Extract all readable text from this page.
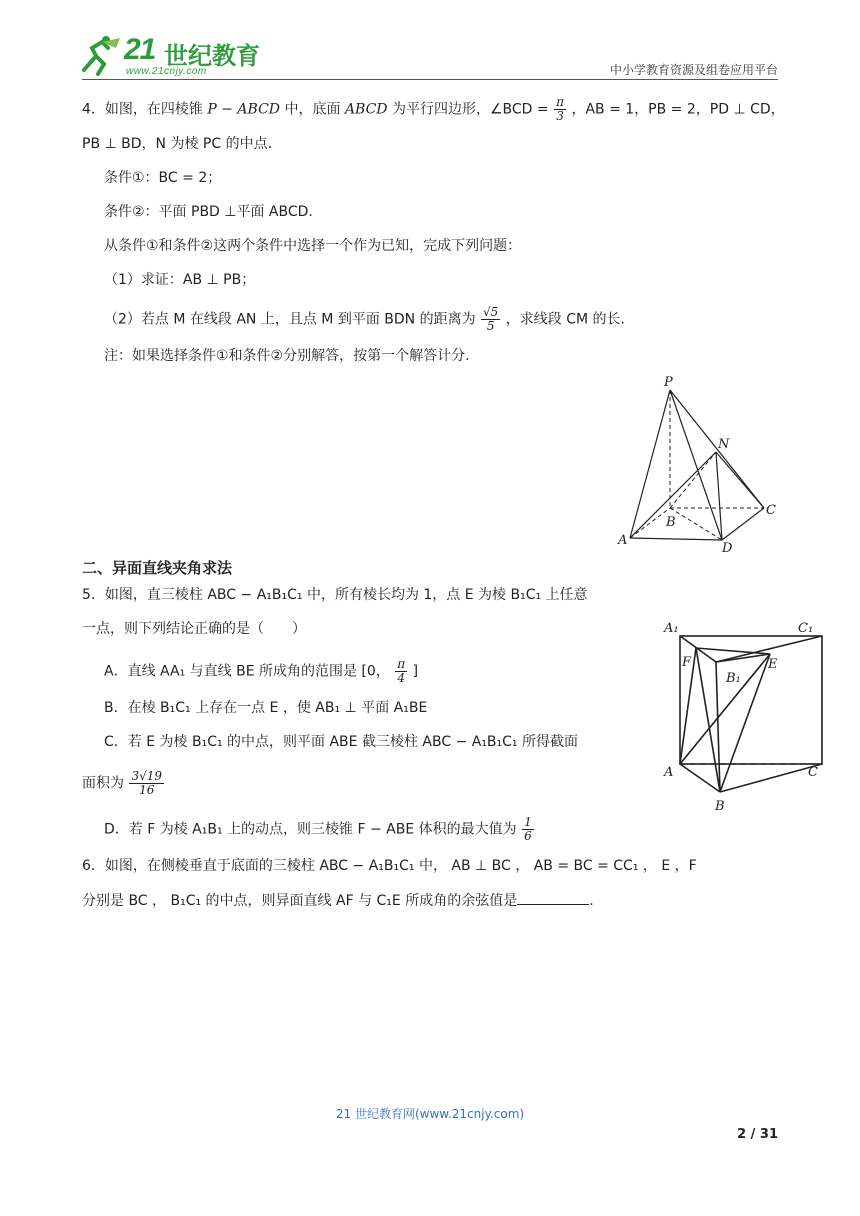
21 世纪教育
www.21cnjy.com	中小学教育资源及组卷应用平台
4．如图，在四棱锥 P − ABCD 中，底面 ABCD 为平行四边形，∠BCD = $\frac{\pi}{3}$ ，AB = 1，PB = 2，PD ⊥ CD，
PB ⊥ BD，N 为棱 PC 的中点.
条件①：BC = 2；
条件②：平面 PBD ⊥平面 ABCD.
从条件①和条件②这两个条件中选择一个作为已知，完成下列问题：
（1）求证：AB ⊥ PB；
（2）若点 M 在线段 AN 上，且点 M 到平面 BDN 的距离为 $\frac{√5}{5}$ ，求线段 CM 的长.
注：如果选择条件①和条件②分别解答，按第一个解答计分.
P
N
C
B
A
D
二、异面直线夹角求法
5．如图，直三棱柱 ABC − A₁B₁C₁ 中，所有棱长均为 1，点 E 为棱 B₁C₁ 上任意
一点，则下列结论正确的是（　　）
A．直线 AA₁ 与直线 BE 所成角的范围是 [0， $\frac{\pi}{4}$ ]
B．在棱 B₁C₁ 上存在一点 E ，使 AB₁ ⊥ 平面 A₁BE
C．若 E 为棱 B₁C₁ 的中点，则平面 ABE 截三棱柱 ABC − A₁B₁C₁ 所得截面
面积为 $\frac{3√19}{16}$
D．若 F 为棱 A₁B₁ 上的动点，则三棱锥 F − ABE 体积的最大值为 $\frac{1}{6}$
A₁	C₁
F	E
B₁
A	C
B
6．如图，在侧棱垂直于底面的三棱柱 ABC − A₁B₁C₁ 中， AB ⊥ BC ， AB = BC = CC₁ ， E ，F
分别是 BC ， B₁C₁ 的中点，则异面直线 AF 与 C₁E 所成角的余弦值是	.
21 世纪教育网(www.21cnjy.com)
2 / 31
